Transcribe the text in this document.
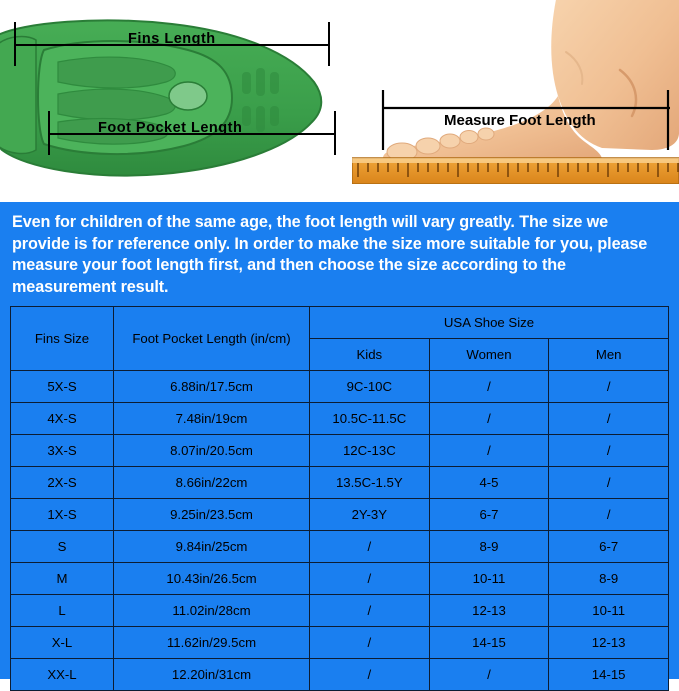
Fins Length
Foot Pocket Length	Measure Foot Length
Even for children of the same age, the foot length will vary greatly. The size we provide is for reference only. In order to make the size more suitable for you, please measure your foot length first, and then choose the size according to the measurement result.
Fins Size	Foot Pocket Length (in/cm)	USA Shoe Size		
		Kids	Women	Men
5X-S	6.88in/17.5cm	9C-10C	/	/
4X-S	7.48in/19cm	10.5C-11.5C	/	/
3X-S	8.07in/20.5cm	12C-13C	/	/
2X-S	8.66in/22cm	13.5C-1.5Y	4-5	/
1X-S	9.25in/23.5cm	2Y-3Y	6-7	/
S	9.84in/25cm	/	8-9	6-7
M	10.43in/26.5cm	/	10-11	8-9
L	11.02in/28cm	/	12-13	10-11
X-L	11.62in/29.5cm	/	14-15	12-13
XX-L	12.20in/31cm	/	/	14-15
